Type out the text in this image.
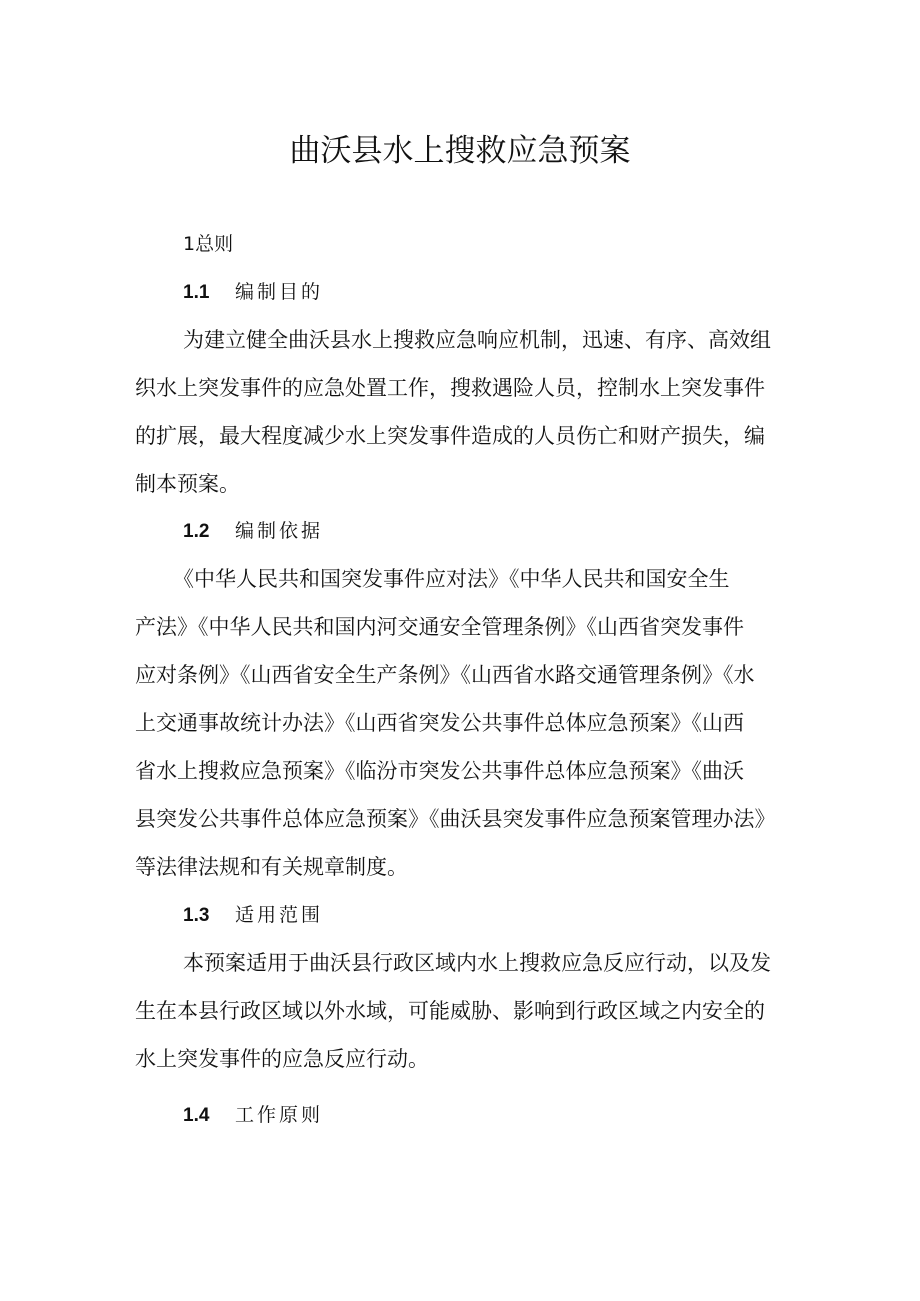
曲沃县水上搜救应急预案
1总则
1.1 编制目的
为建立健全曲沃县水上搜救应急响应机制，迅速、有序、高效组
织水上突发事件的应急处置工作，搜救遇险人员，控制水上突发事件
的扩展，最大程度减少水上突发事件造成的人员伤亡和财产损失，编
制本预案。
1.2 编制依据
《中华人民共和国突发事件应对法》《中华人民共和国安全生
产法》《中华人民共和国内河交通安全管理条例》《山西省突发事件
应对条例》《山西省安全生产条例》《山西省水路交通管理条例》《水
上交通事故统计办法》《山西省突发公共事件总体应急预案》《山西
省水上搜救应急预案》《临汾市突发公共事件总体应急预案》《曲沃
县突发公共事件总体应急预案》《曲沃县突发事件应急预案管理办法》
等法律法规和有关规章制度。
1.3 适用范围
本预案适用于曲沃县行政区域内水上搜救应急反应行动，以及发
生在本县行政区域以外水域，可能威胁、影响到行政区域之内安全的
水上突发事件的应急反应行动。
1.4 工作原则
